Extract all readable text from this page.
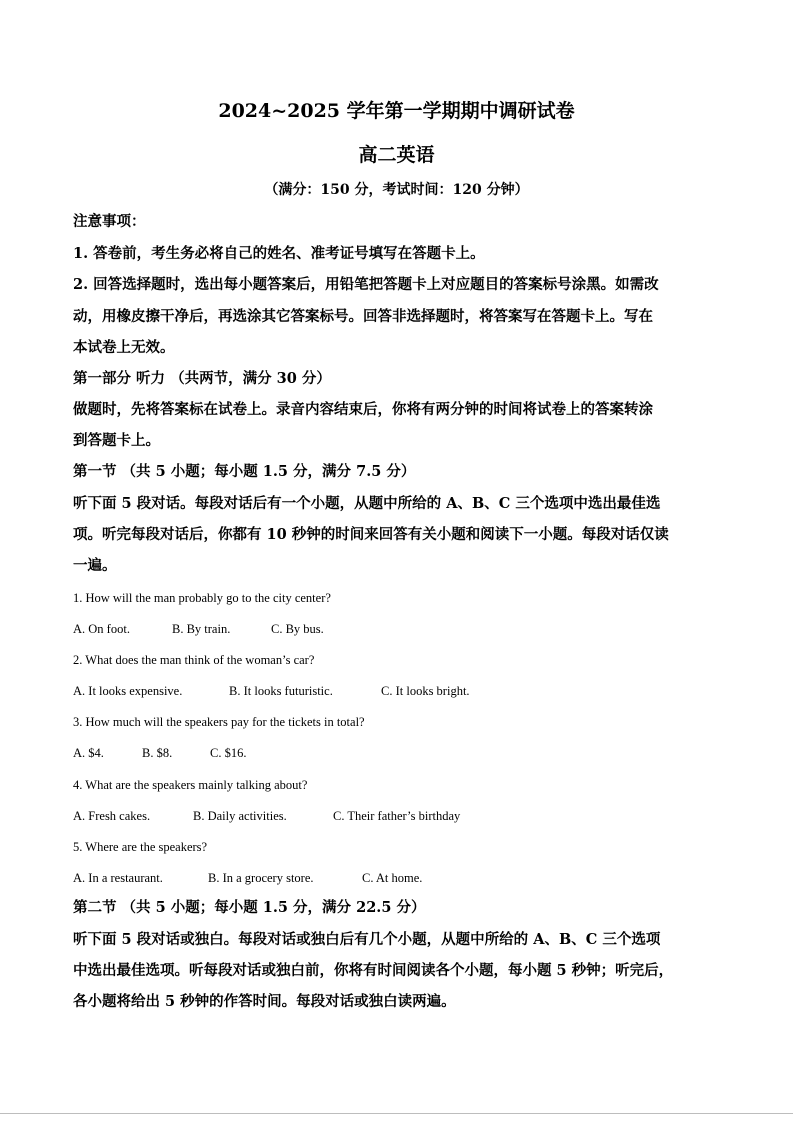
2024~2025 学年第一学期期中调研试卷
高二英语
（满分：150 分，考试时间：120 分钟）
注意事项：
1. 答卷前，考生务必将自己的姓名、准考证号填写在答题卡上。
2. 回答选择题时，选出每小题答案后，用铅笔把答题卡上对应题目的答案标号涂黑。如需改
动，用橡皮擦干净后，再选涂其它答案标号。回答非选择题时，将答案写在答题卡上。写在
本试卷上无效。
第一部分 听力 （共两节，满分 30 分）
做题时，先将答案标在试卷上。录音内容结束后，你将有两分钟的时间将试卷上的答案转涂
到答题卡上。
第一节 （共 5 小题；每小题 1.5 分，满分 7.5 分）
听下面 5 段对话。每段对话后有一个小题，从题中所给的 A、B、C 三个选项中选出最佳选
项。听完每段对话后，你都有 10 秒钟的时间来回答有关小题和阅读下一小题。每段对话仅读
一遍。
1. How will the man probably go to the city center?
A. On foot.	B. By train.	C. By bus.
2. What does the man think of the woman’s car?
A. It looks expensive.	B. It looks futuristic.	C. It looks bright.
3. How much will the speakers pay for the tickets in total?
A. $4.	B. $8.	C. $16.
4. What are the speakers mainly talking about?
A. Fresh cakes.	B. Daily activities.	C. Their father’s birthday
5. Where are the speakers?
A. In a restaurant.	B. In a grocery store.	C. At home.
第二节 （共 5 小题；每小题 1.5 分，满分 22.5 分）
听下面 5 段对话或独白。每段对话或独白后有几个小题，从题中所给的 A、B、C 三个选项
中选出最佳选项。听每段对话或独白前，你将有时间阅读各个小题，每小题 5 秒钟；听完后，
各小题将给出 5 秒钟的作答时间。每段对话或独白读两遍。
